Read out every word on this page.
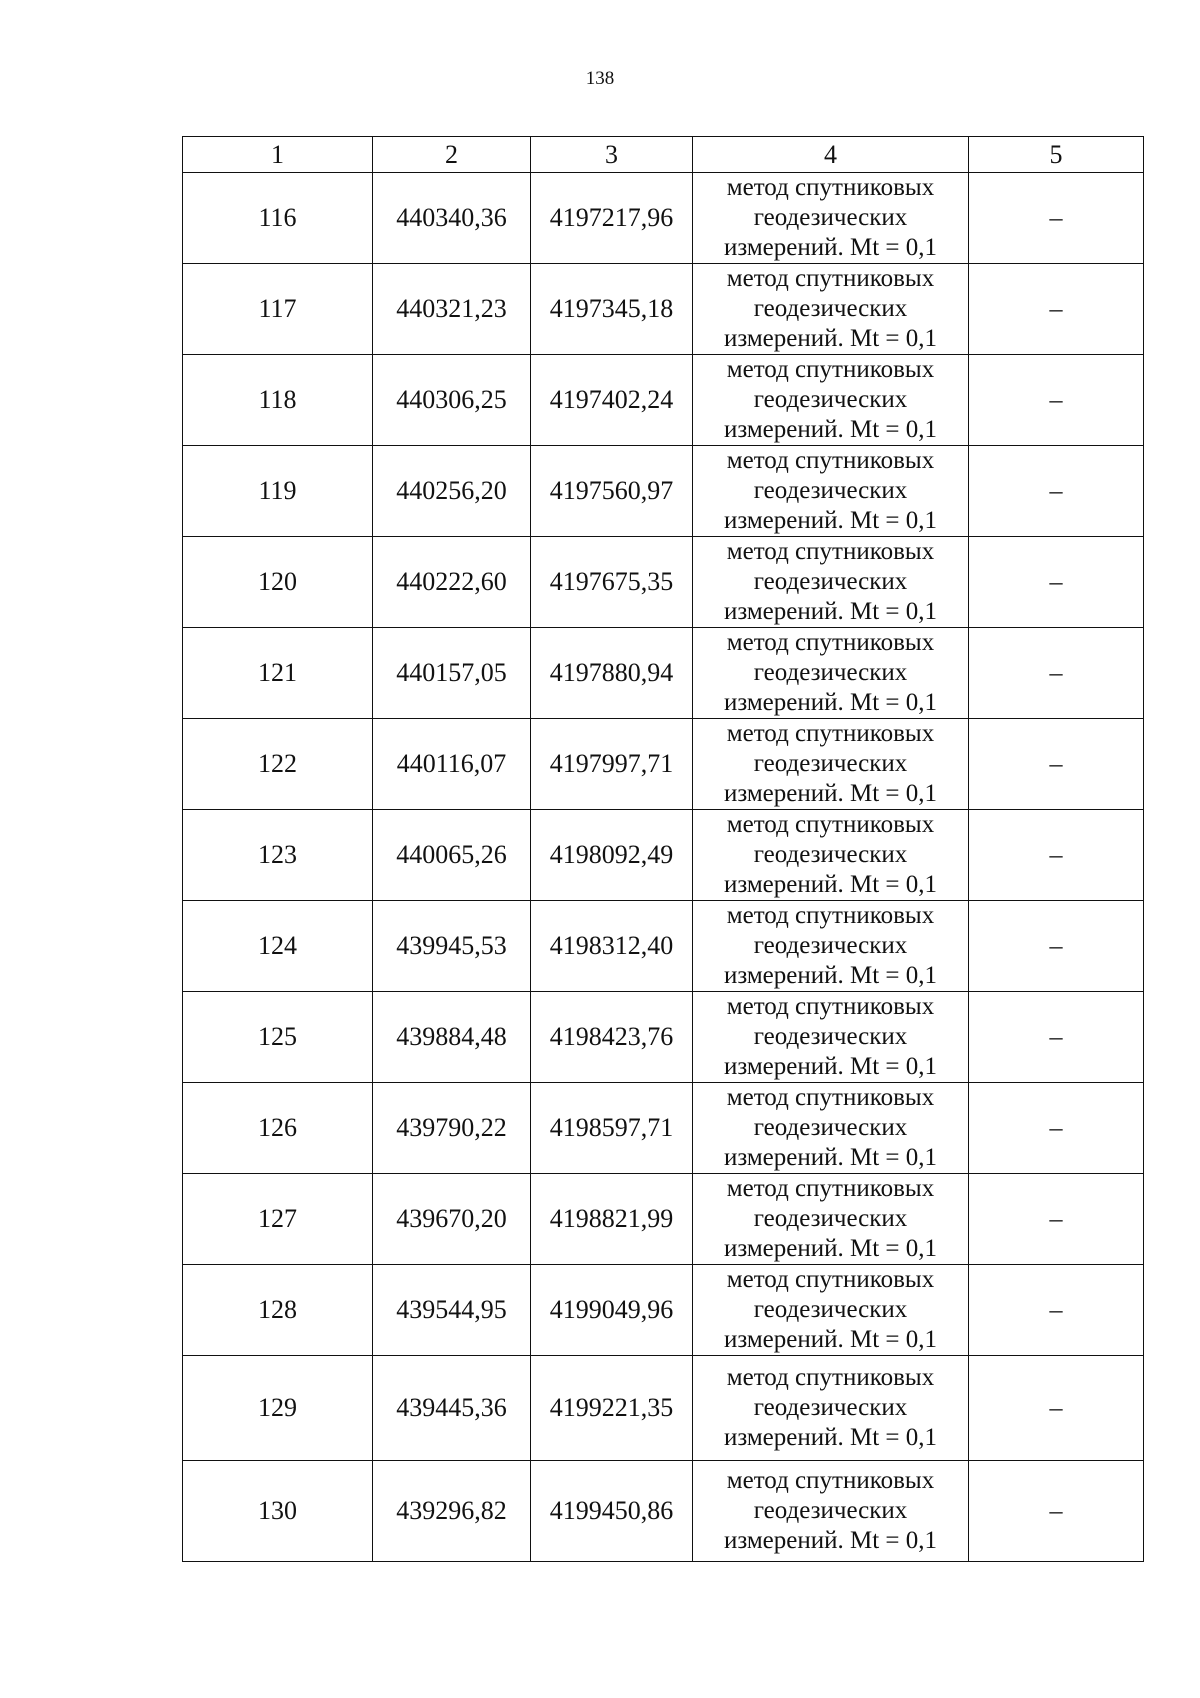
138
1	2	3	4	5
116	440340,36	4197217,96	метод спутниковых
геодезических
измерений. Mt = 0,1	–
117	440321,23	4197345,18	метод спутниковых
геодезических
измерений. Mt = 0,1	–
118	440306,25	4197402,24	метод спутниковых
геодезических
измерений. Mt = 0,1	–
119	440256,20	4197560,97	метод спутниковых
геодезических
измерений. Mt = 0,1	–
120	440222,60	4197675,35	метод спутниковых
геодезических
измерений. Mt = 0,1	–
121	440157,05	4197880,94	метод спутниковых
геодезических
измерений. Mt = 0,1	–
122	440116,07	4197997,71	метод спутниковых
геодезических
измерений. Mt = 0,1	–
123	440065,26	4198092,49	метод спутниковых
геодезических
измерений. Mt = 0,1	–
124	439945,53	4198312,40	метод спутниковых
геодезических
измерений. Mt = 0,1	–
125	439884,48	4198423,76	метод спутниковых
геодезических
измерений. Mt = 0,1	–
126	439790,22	4198597,71	метод спутниковых
геодезических
измерений. Mt = 0,1	–
127	439670,20	4198821,99	метод спутниковых
геодезических
измерений. Mt = 0,1	–
128	439544,95	4199049,96	метод спутниковых
геодезических
измерений. Mt = 0,1	–
129	439445,36	4199221,35	метод спутниковых
геодезических
измерений. Mt = 0,1	–
130	439296,82	4199450,86	метод спутниковых
геодезических
измерений. Mt = 0,1	–
